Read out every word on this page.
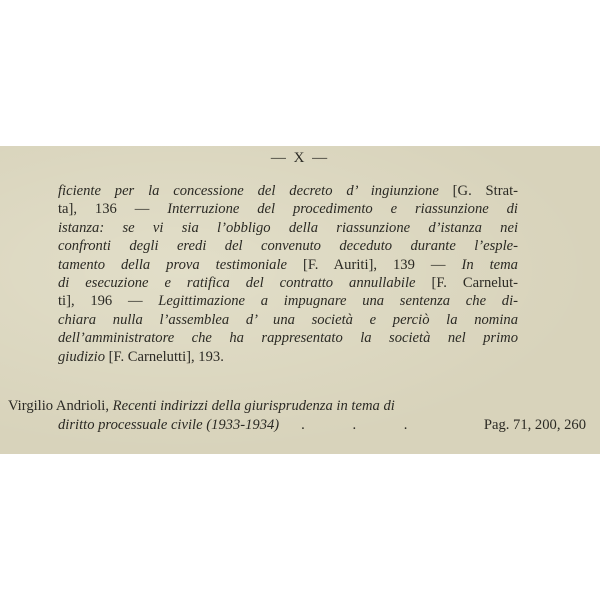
— X —
ficiente per la concessione del decreto d’ ingiunzione [G. Strat-
ta], 136 — Interruzione del procedimento e riassunzione di
istanza: se vi sia l’obbligo della riassunzione d’istanza nei
confronti degli eredi del convenuto deceduto durante l’esple-
tamento della prova testimoniale [F. Auriti], 139 — In tema
di esecuzione e ratifica del contratto annullabile [F. Carnelut-
ti], 196 — Legittimazione a impugnare una sentenza che di-
chiara nulla l’assemblea d’ una società e perciò la nomina
dell’amministratore che ha rappresentato la società nel primo
giudizio [F. Carnelutti], 193.
Virgilio Andrioli, Recenti indirizzi della giurisprudenza in tema di
diritto processuale civile (1933-1934) . . .	Pag. 71, 200, 260
